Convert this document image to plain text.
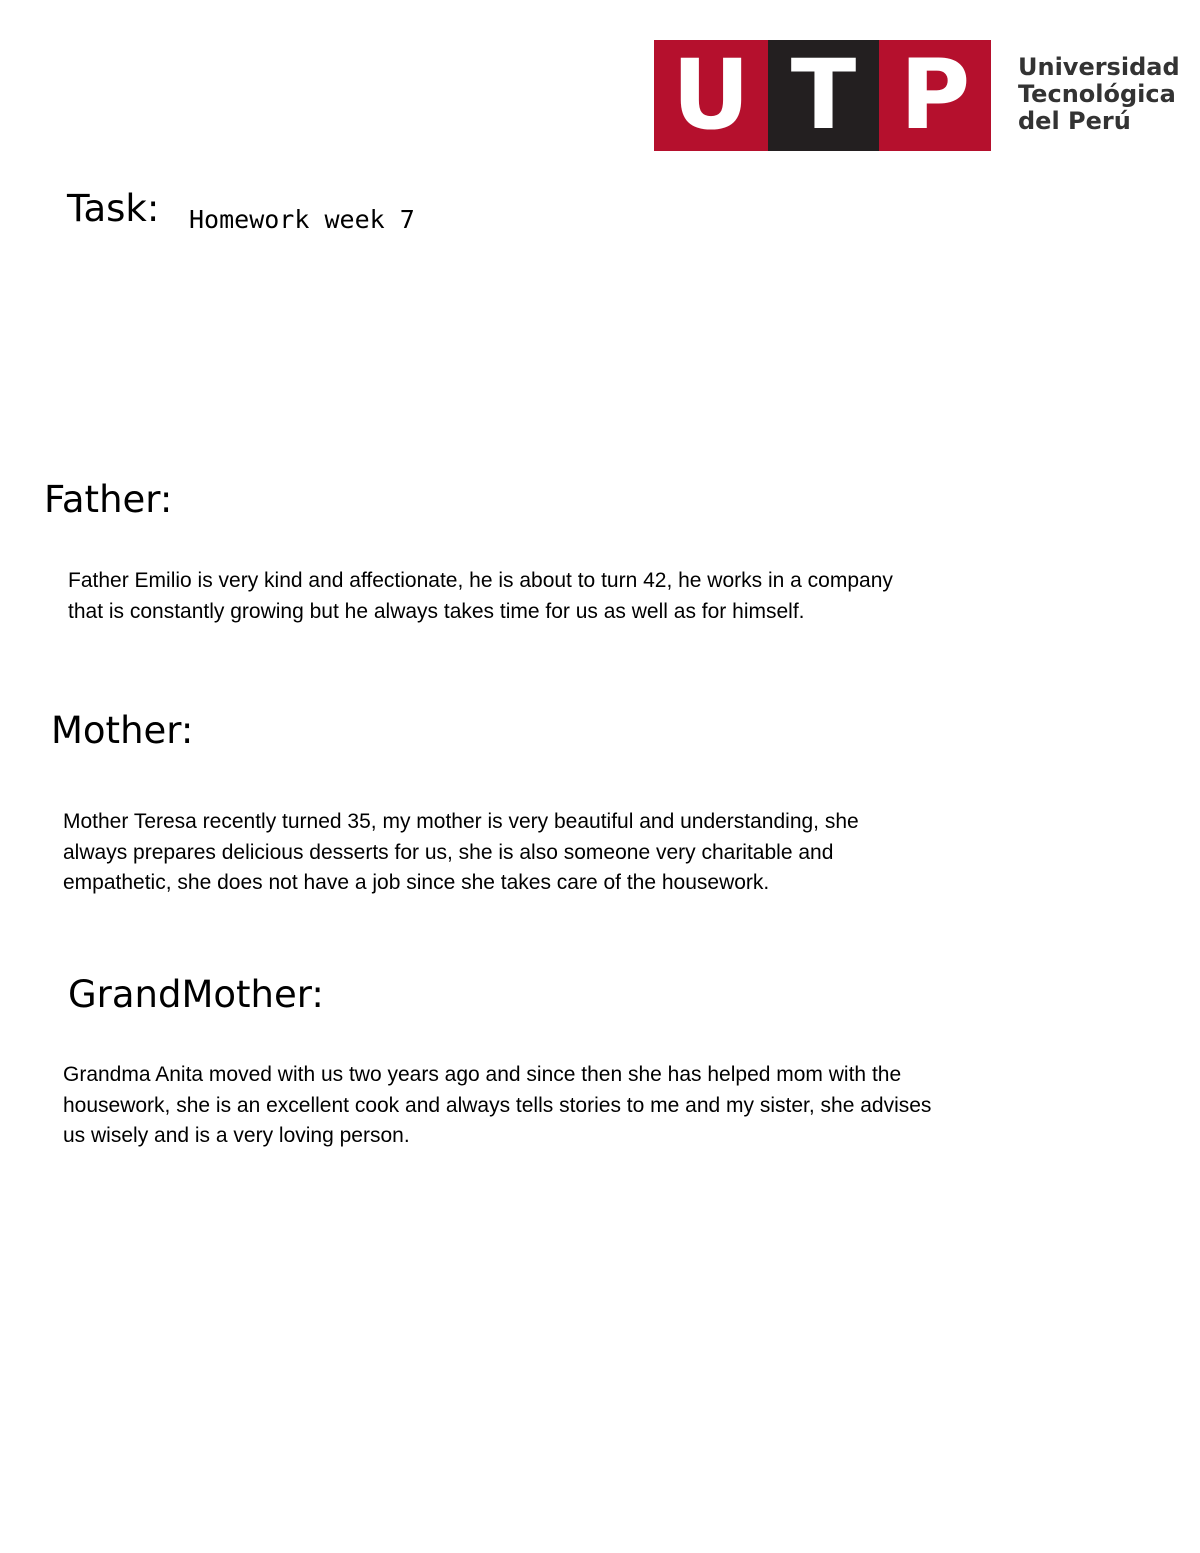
U T P	Universidad
Tecnológica
del Perú
Task: Homework week 7
Father:

Father Emilio is very kind and affectionate, he is about to turn 42, he works in a company
that is constantly growing but he always takes time for us as well as for himself.

Mother:

Mother Teresa recently turned 35, my mother is very beautiful and understanding, she
always prepares delicious desserts for us, she is also someone very charitable and
empathetic, she does not have a job since she takes care of the housework.

GrandMother:

Grandma Anita moved with us two years ago and since then she has helped mom with the
housework, she is an excellent cook and always tells stories to me and my sister, she advises
us wisely and is a very loving person.
